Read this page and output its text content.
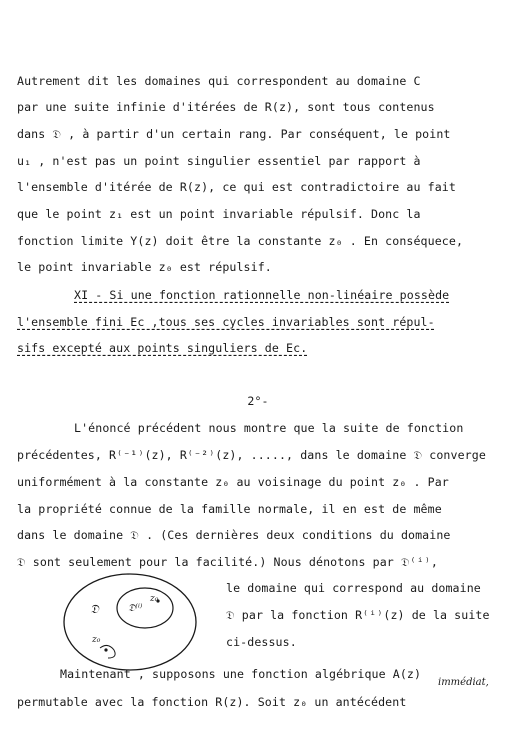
Autrement dit les domaines qui correspondent au domaine C
par une suite infinie d'itérées de R(z), sont tous contenus
dans 𝔇 , à partir d'un certain rang. Par conséquent, le point
u₁ , n'est pas un point singulier essentiel par rapport à
l'ensemble d'itérée de R(z), ce qui est contradictoire au fait
que le point z₁ est un point invariable répulsif. Donc la
fonction limite Y(z) doit être la constante z₀ . En conséquece,
le point invariable z₀ est répulsif.
XI - Si une fonction rationnelle non-linéaire possède
l'ensemble fini Ec ,tous ses cycles invariables sont répul-
sifs excepté aux points singuliers de Ec.
2°-
L'énoncé précédent nous montre que la suite de fonction
précédentes, R⁽⁻¹⁾(z), R⁽⁻²⁾(z), ....., dans le domaine 𝔇 converge
uniformément à la constante z₀ au voisinage du point z₀ . Par
la propriété connue de la famille normale, il en est de même
dans le domaine 𝔇 . (Ces dernières deux conditions du domaine
𝔇 sont seulement pour la facilité.) Nous dénotons par 𝔇⁽ⁱ⁾,
𝔇	𝔇⁽ⁱ⁾
z₀
z₀
le domaine qui correspond au domaine
𝔇 par la fonction R⁽ⁱ⁾(z) de la suite
ci-dessus.
Maintenant , supposons une fonction algébrique A(z)
permutable avec la fonction R(z). Soit z₀ un antécédent
immédiat,
